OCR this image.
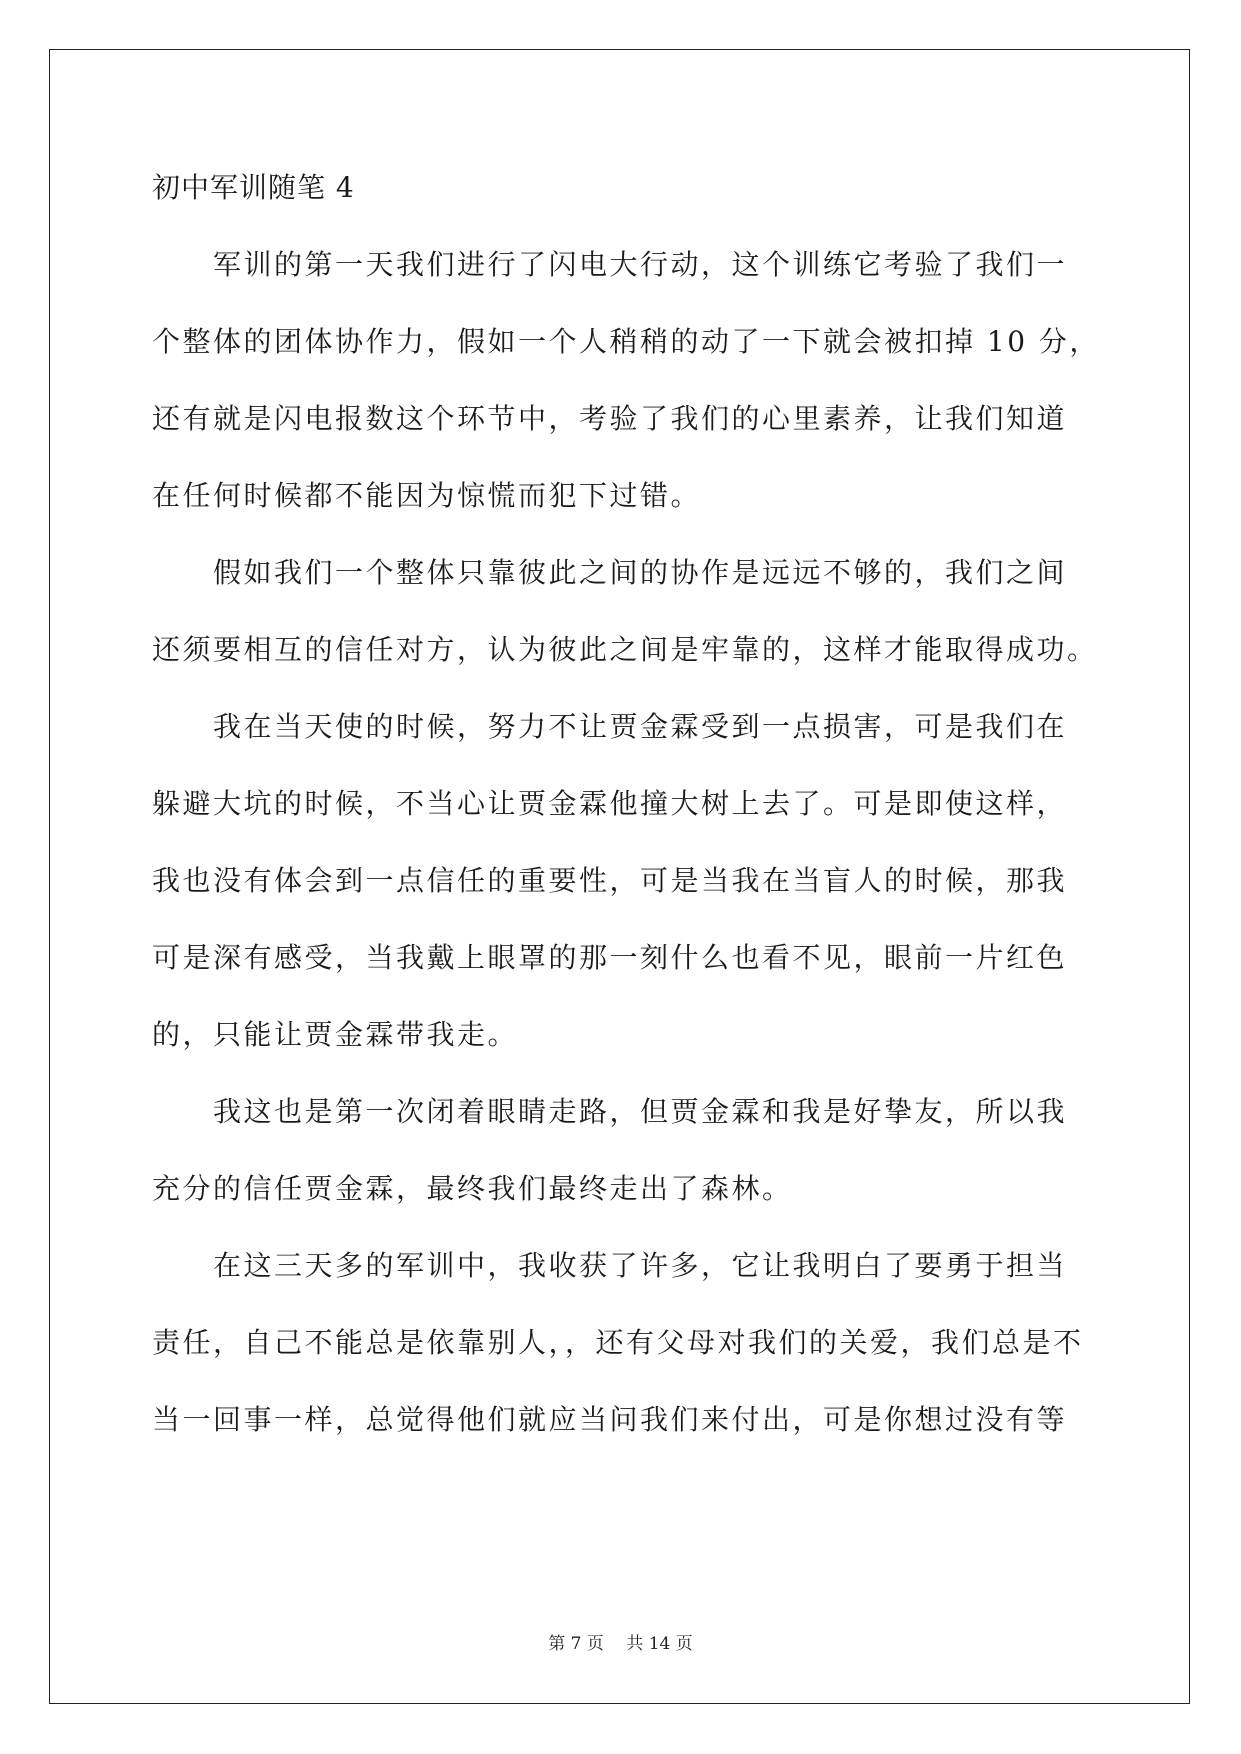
初中军训随笔 4
　　军训的第一天我们进行了闪电大行动，这个训练它考验了我们一
个整体的团体协作力，假如一个人稍稍的动了一下就会被扣掉 10 分，
还有就是闪电报数这个环节中，考验了我们的心里素养，让我们知道
在任何时候都不能因为惊慌而犯下过错。
　　假如我们一个整体只靠彼此之间的协作是远远不够的，我们之间
还须要相互的信任对方，认为彼此之间是牢靠的，这样才能取得成功。
　　我在当天使的时候，努力不让贾金霖受到一点损害，可是我们在
躲避大坑的时候，不当心让贾金霖他撞大树上去了。可是即使这样，
我也没有体会到一点信任的重要性，可是当我在当盲人的时候，那我
可是深有感受，当我戴上眼罩的那一刻什么也看不见，眼前一片红色
的，只能让贾金霖带我走。
　　我这也是第一次闭着眼睛走路，但贾金霖和我是好挚友，所以我
充分的信任贾金霖，最终我们最终走出了森林。
　　在这三天多的军训中，我收获了许多，它让我明白了要勇于担当
责任，自己不能总是依靠别人，，还有父母对我们的关爱，我们总是不
当一回事一样，总觉得他们就应当问我们来付出，可是你想过没有等
第 7 页　 共 14 页
